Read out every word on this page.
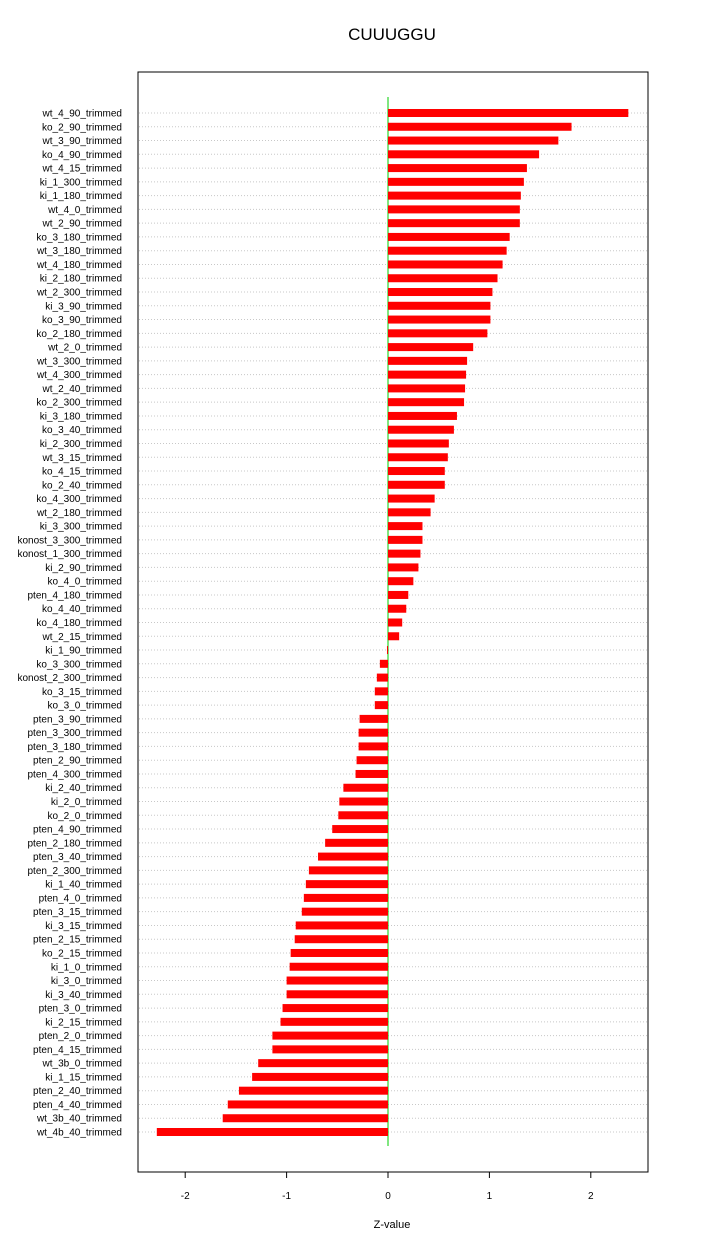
CUUUGGU
wt_4_90_trimmed
ko_2_90_trimmed
wt_3_90_trimmed
ko_4_90_trimmed
wt_4_15_trimmed
ki_1_300_trimmed
ki_1_180_trimmed
wt_4_0_trimmed
wt_2_90_trimmed
ko_3_180_trimmed
wt_3_180_trimmed
wt_4_180_trimmed
ki_2_180_trimmed
wt_2_300_trimmed
ki_3_90_trimmed
ko_3_90_trimmed
ko_2_180_trimmed
wt_2_0_trimmed
wt_3_300_trimmed
wt_4_300_trimmed
wt_2_40_trimmed
ko_2_300_trimmed
ki_3_180_trimmed
ko_3_40_trimmed
ki_2_300_trimmed
wt_3_15_trimmed
ko_4_15_trimmed
ko_2_40_trimmed
ko_4_300_trimmed
wt_2_180_trimmed
ki_3_300_trimmed
konost_3_300_trimmed
konost_1_300_trimmed
ki_2_90_trimmed
ko_4_0_trimmed
pten_4_180_trimmed
ko_4_40_trimmed
ko_4_180_trimmed
wt_2_15_trimmed
ki_1_90_trimmed
ko_3_300_trimmed
konost_2_300_trimmed
ko_3_15_trimmed
ko_3_0_trimmed
pten_3_90_trimmed
pten_3_300_trimmed
pten_3_180_trimmed
pten_2_90_trimmed
pten_4_300_trimmed
ki_2_40_trimmed
ki_2_0_trimmed
ko_2_0_trimmed
pten_4_90_trimmed
pten_2_180_trimmed
pten_3_40_trimmed
pten_2_300_trimmed
ki_1_40_trimmed
pten_4_0_trimmed
pten_3_15_trimmed
ki_3_15_trimmed
pten_2_15_trimmed
ko_2_15_trimmed
ki_1_0_trimmed
ki_3_0_trimmed
ki_3_40_trimmed
pten_3_0_trimmed
ki_2_15_trimmed
pten_2_0_trimmed
pten_4_15_trimmed
wt_3b_0_trimmed
ki_1_15_trimmed
pten_2_40_trimmed
pten_4_40_trimmed
wt_3b_40_trimmed
wt_4b_40_trimmed
-2	-1	0	1	2
Z-value
